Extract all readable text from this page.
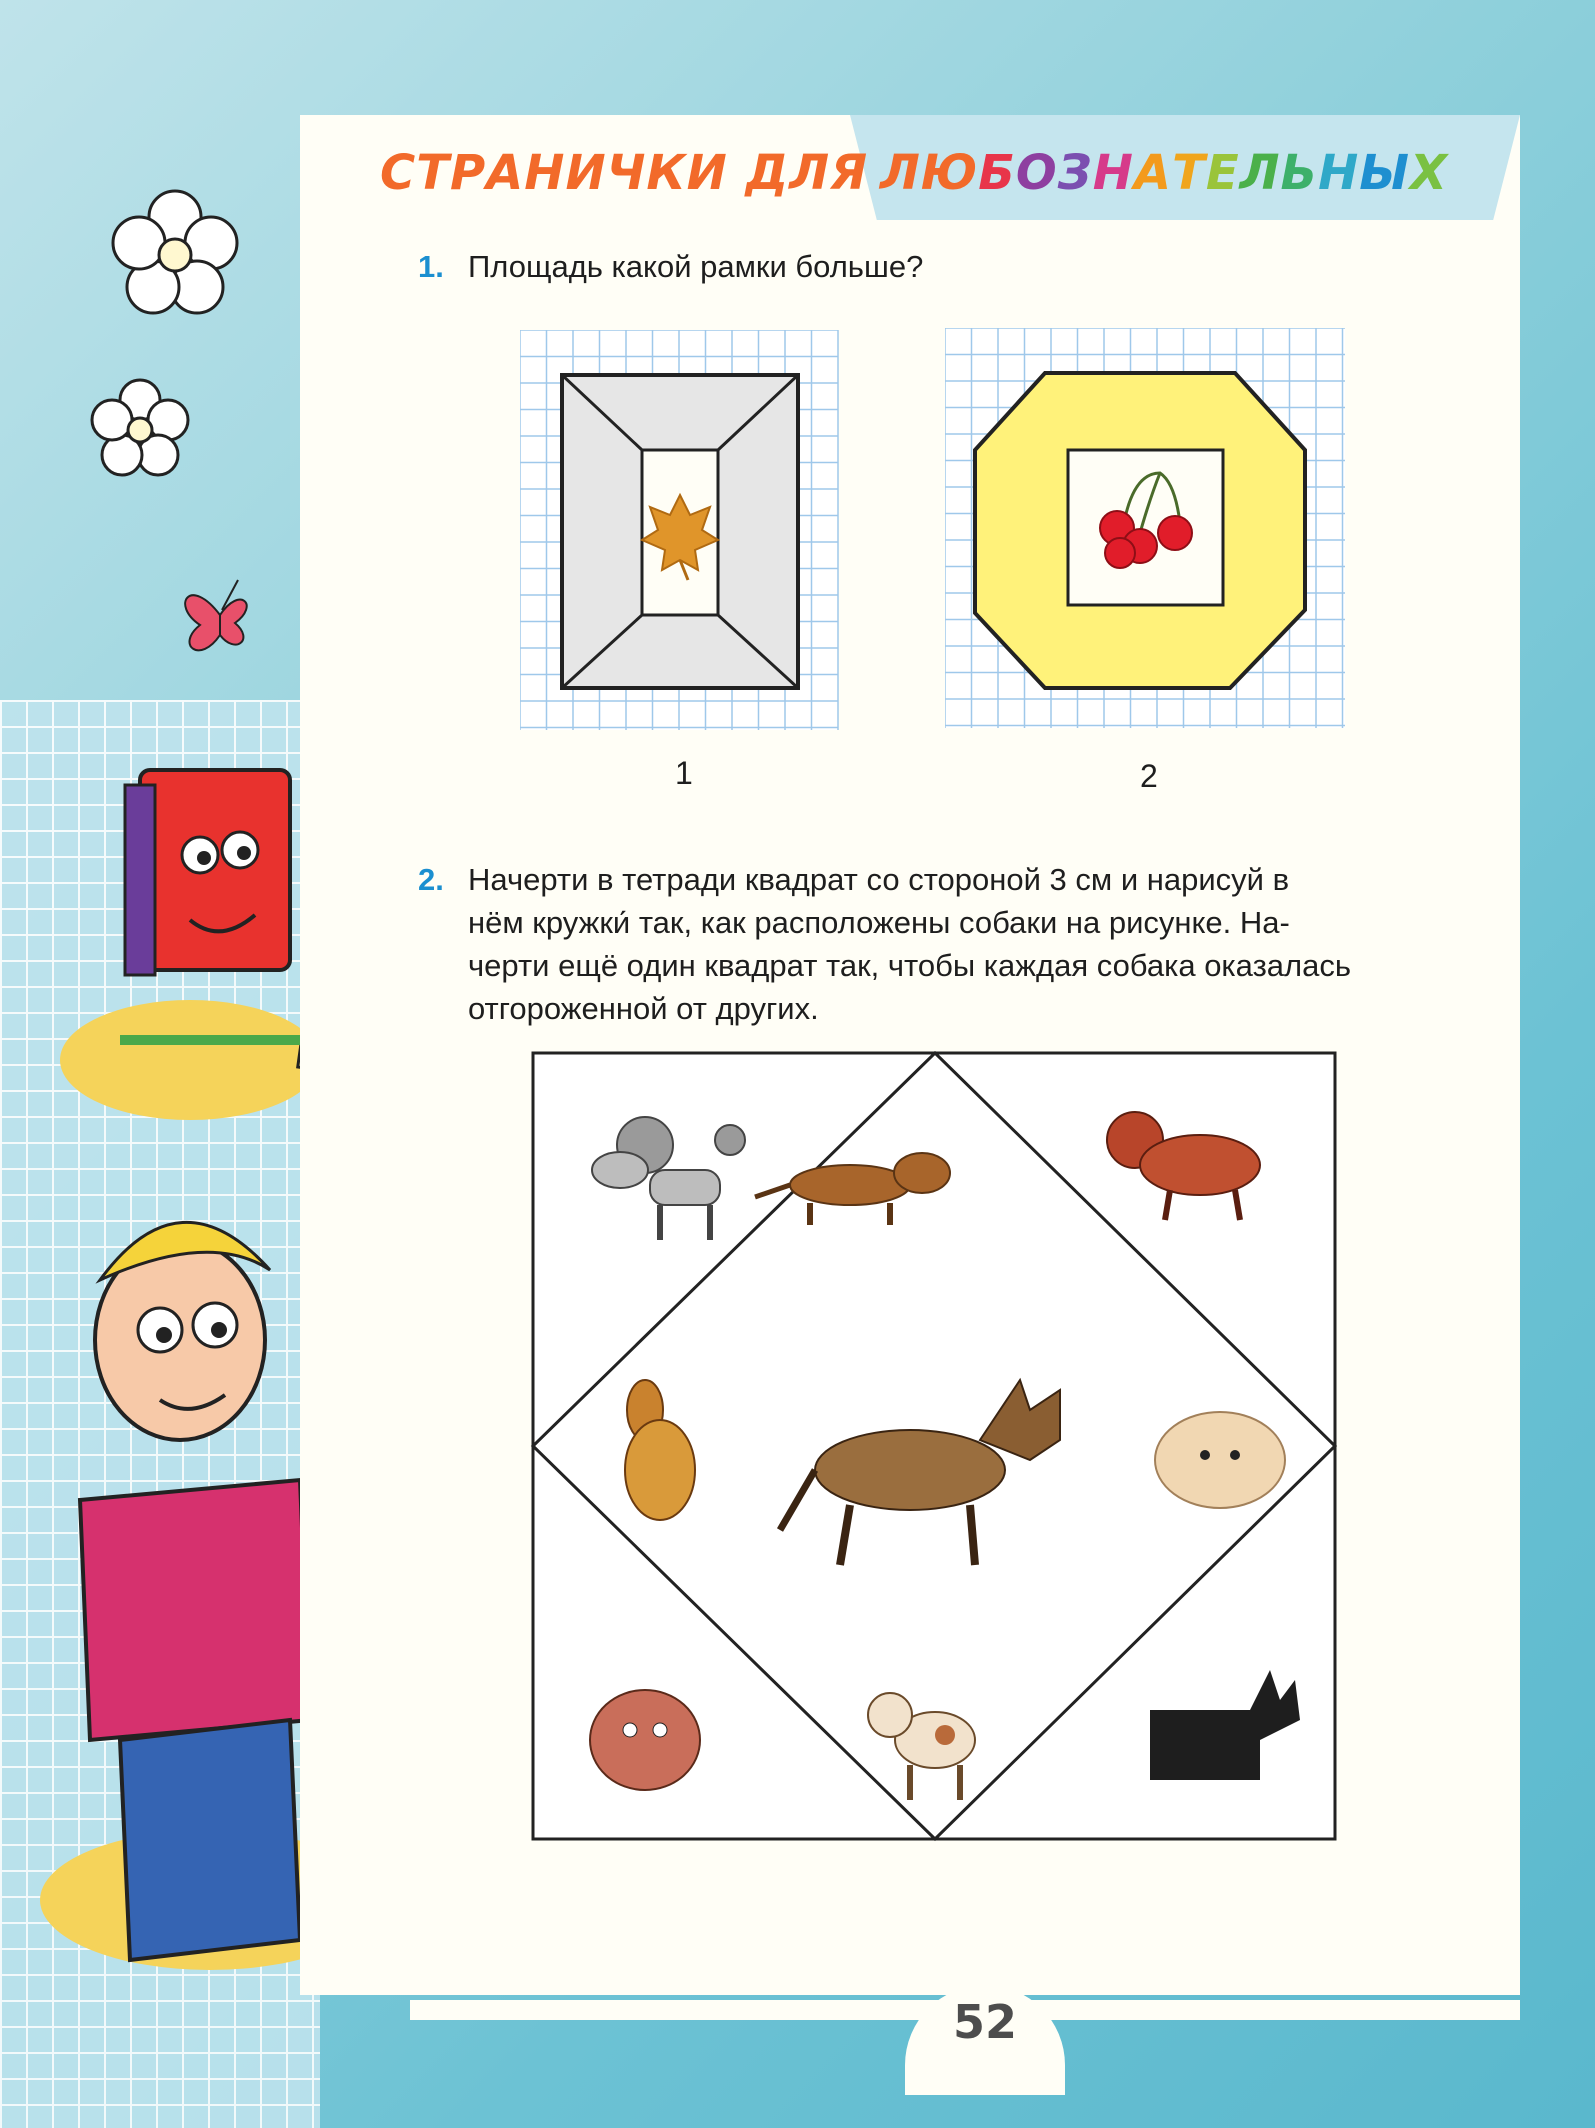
СТРАНИЧКИ ДЛЯ ЛЮБОЗНАТЕЛЬНЫХ
1. Площадь какой рамки больше?
1	2
2. Начерти в тетради квадрат со стороной 3 см и нарисуй в
нём кружки́ так, как расположены собаки на рисунке. На-
черти ещё один квадрат так, чтобы каждая собака оказалась
отгороженной от других.
52
